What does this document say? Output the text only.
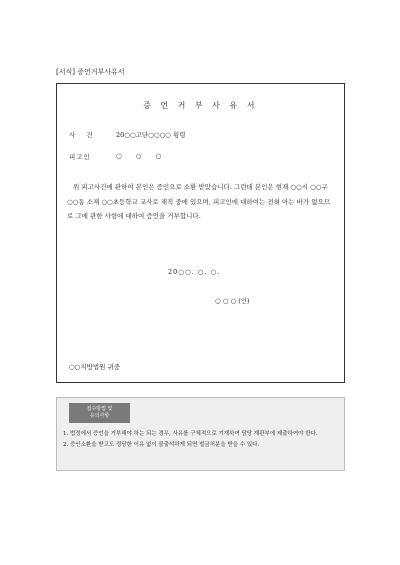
[서식] 증언거부사유서
증 언 거 부 사 유 서
사건 20○○고단○○○○ 횡령
피고인	○ ○ ○
위 피고사건에 관하여 본인은 증인으로 소환 받았습니다. 그런데 본인은 현재 ○○시 ○○구 ○○동 소재 ○○초등학교 교사로 재직 중에 있으며, 피고인에 대하여는 전혀 아는 바가 없으므로 그에 관한 사항에 대하여 증언을 거부합니다.
20○○. ○. ○.
○ ○ ○ (인)
○○지방법원 귀중
접수방법 및
유의사항
1. 법정에서 증언을 거부해야 하는 되는 경우, 사유를 구체적으로 기재하여 담당 재판부에 제출하여야 한다.
2. 증인소환을 받고도 정당한 이유 없이 불출석하게 되면 벌금처분을 받을 수 있다.
